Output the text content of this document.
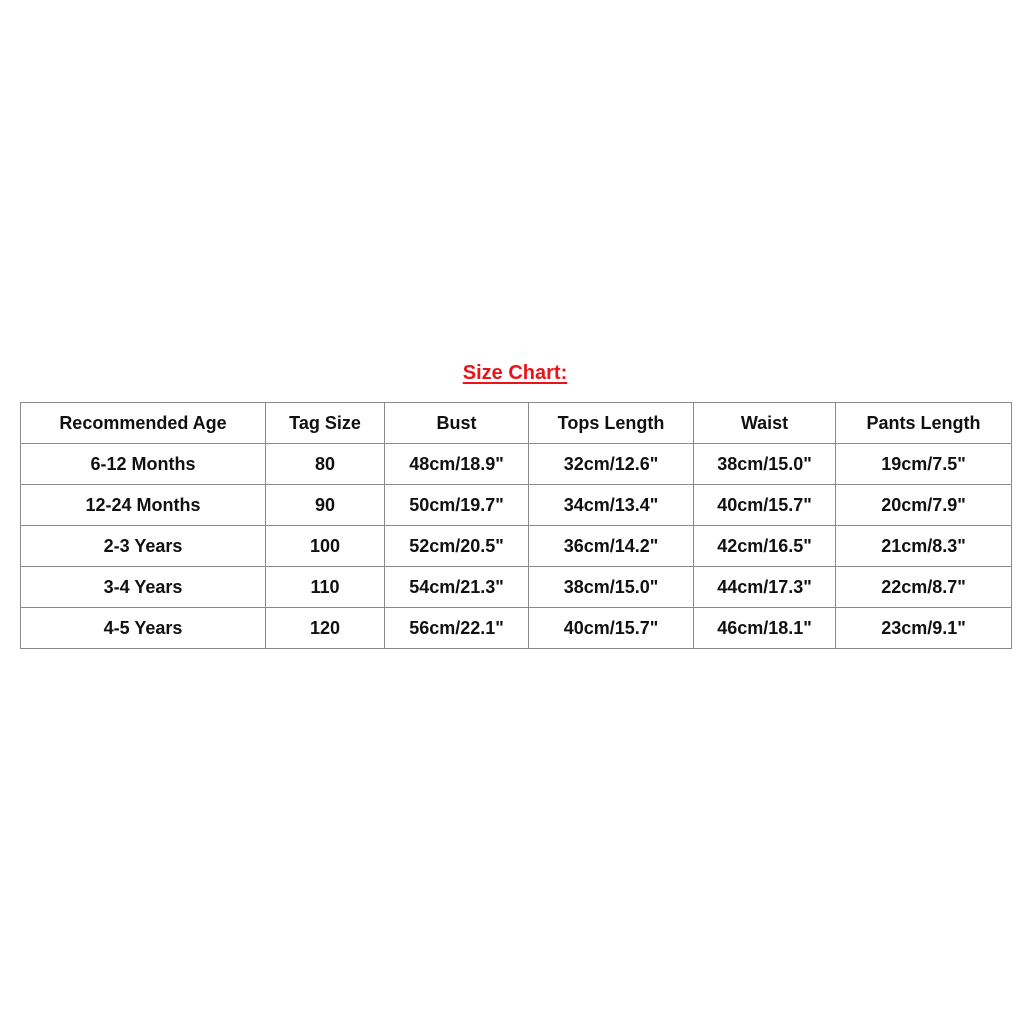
Size Chart:
Recommended Age	Tag Size	Bust	Tops Length	Waist	Pants Length
6-12 Months	80	48cm/18.9"	32cm/12.6"	38cm/15.0"	19cm/7.5"
12-24 Months	90	50cm/19.7"	34cm/13.4"	40cm/15.7"	20cm/7.9"
2-3 Years	100	52cm/20.5"	36cm/14.2"	42cm/16.5"	21cm/8.3"
3-4 Years	110	54cm/21.3"	38cm/15.0"	44cm/17.3"	22cm/8.7"
4-5 Years	120	56cm/22.1"	40cm/15.7"	46cm/18.1"	23cm/9.1"
